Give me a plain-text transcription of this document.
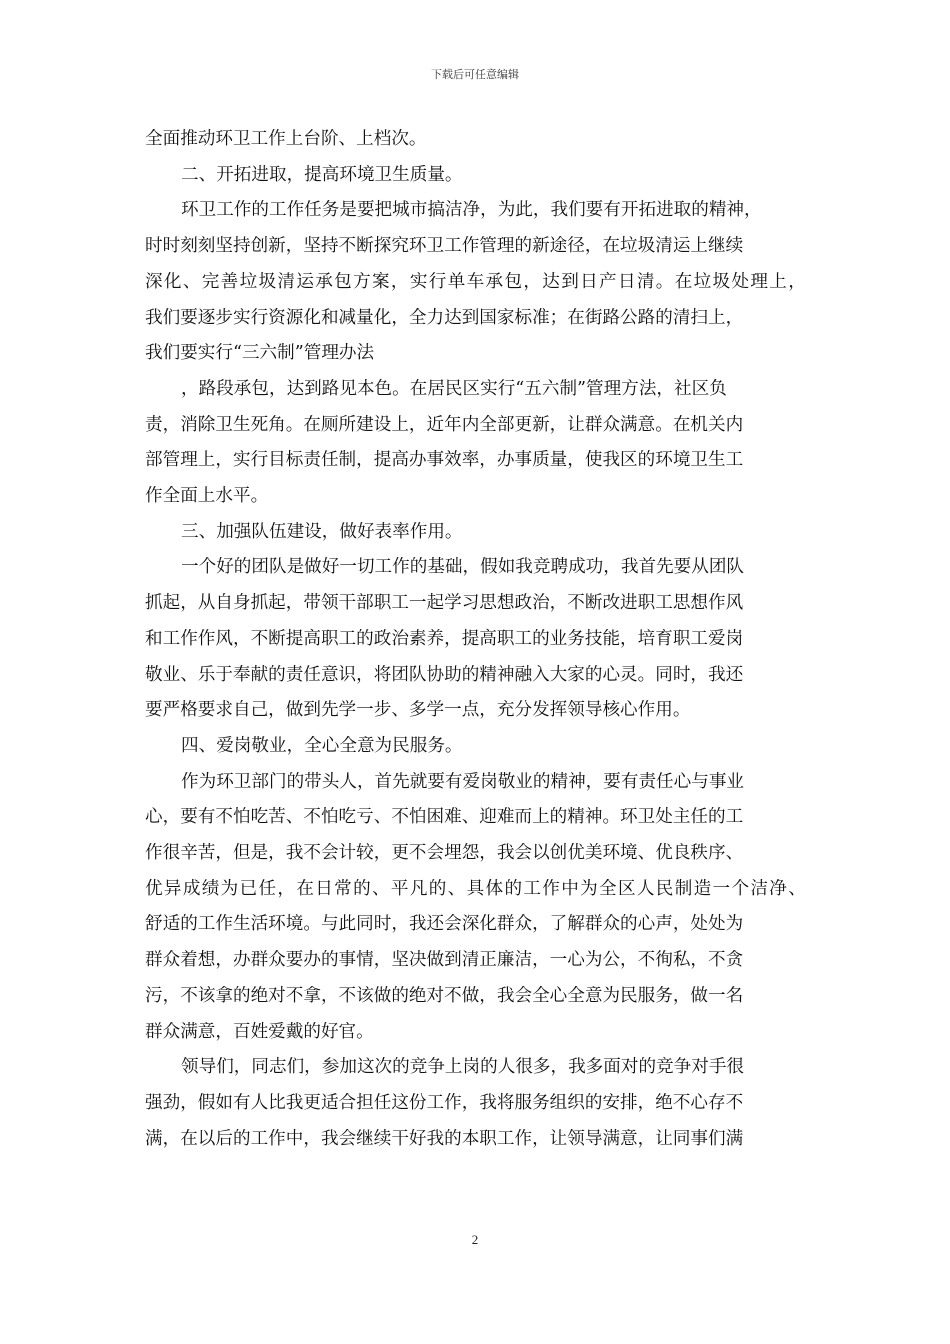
下载后可任意编辑
全面推动环卫工作上台阶、上档次。
二、开拓进取，提高环境卫生质量。
环卫工作的工作任务是要把城市搞洁净，为此，我们要有开拓进取的精神，
时时刻刻坚持创新，坚持不断探究环卫工作管理的新途径，在垃圾清运上继续
深化、完善垃圾清运承包方案，实行单车承包，达到日产日清。在垃圾处理上，
我们要逐步实行资源化和减量化，全力达到国家标准；在街路公路的清扫上，
我们要实行“三六制”管理办法
，路段承包，达到路见本色。在居民区实行“五六制”管理方法，社区负
责，消除卫生死角。在厕所建设上，近年内全部更新，让群众满意。在机关内
部管理上，实行目标责任制，提高办事效率，办事质量，使我区的环境卫生工
作全面上水平。
三、加强队伍建设，做好表率作用。
一个好的团队是做好一切工作的基础，假如我竞聘成功，我首先要从团队
抓起，从自身抓起，带领干部职工一起学习思想政治，不断改进职工思想作风
和工作作风，不断提高职工的政治素养，提高职工的业务技能，培育职工爱岗
敬业、乐于奉献的责任意识，将团队协助的精神融入大家的心灵。同时，我还
要严格要求自己，做到先学一步、多学一点，充分发挥领导核心作用。
四、爱岗敬业，全心全意为民服务。
作为环卫部门的带头人，首先就要有爱岗敬业的精神，要有责任心与事业
心，要有不怕吃苦、不怕吃亏、不怕困难、迎难而上的精神。环卫处主任的工
作很辛苦，但是，我不会计较，更不会埋怨，我会以创优美环境、优良秩序、
优异成绩为已任，在日常的、平凡的、具体的工作中为全区人民制造一个洁净、
舒适的工作生活环境。与此同时，我还会深化群众，了解群众的心声，处处为
群众着想，办群众要办的事情，坚决做到清正廉洁，一心为公，不徇私，不贪
污，不该拿的绝对不拿，不该做的绝对不做，我会全心全意为民服务，做一名
群众满意，百姓爱戴的好官。
领导们，同志们，参加这次的竞争上岗的人很多，我多面对的竞争对手很
强劲，假如有人比我更适合担任这份工作，我将服务组织的安排，绝不心存不
满，在以后的工作中，我会继续干好我的本职工作，让领导满意，让同事们满
2
